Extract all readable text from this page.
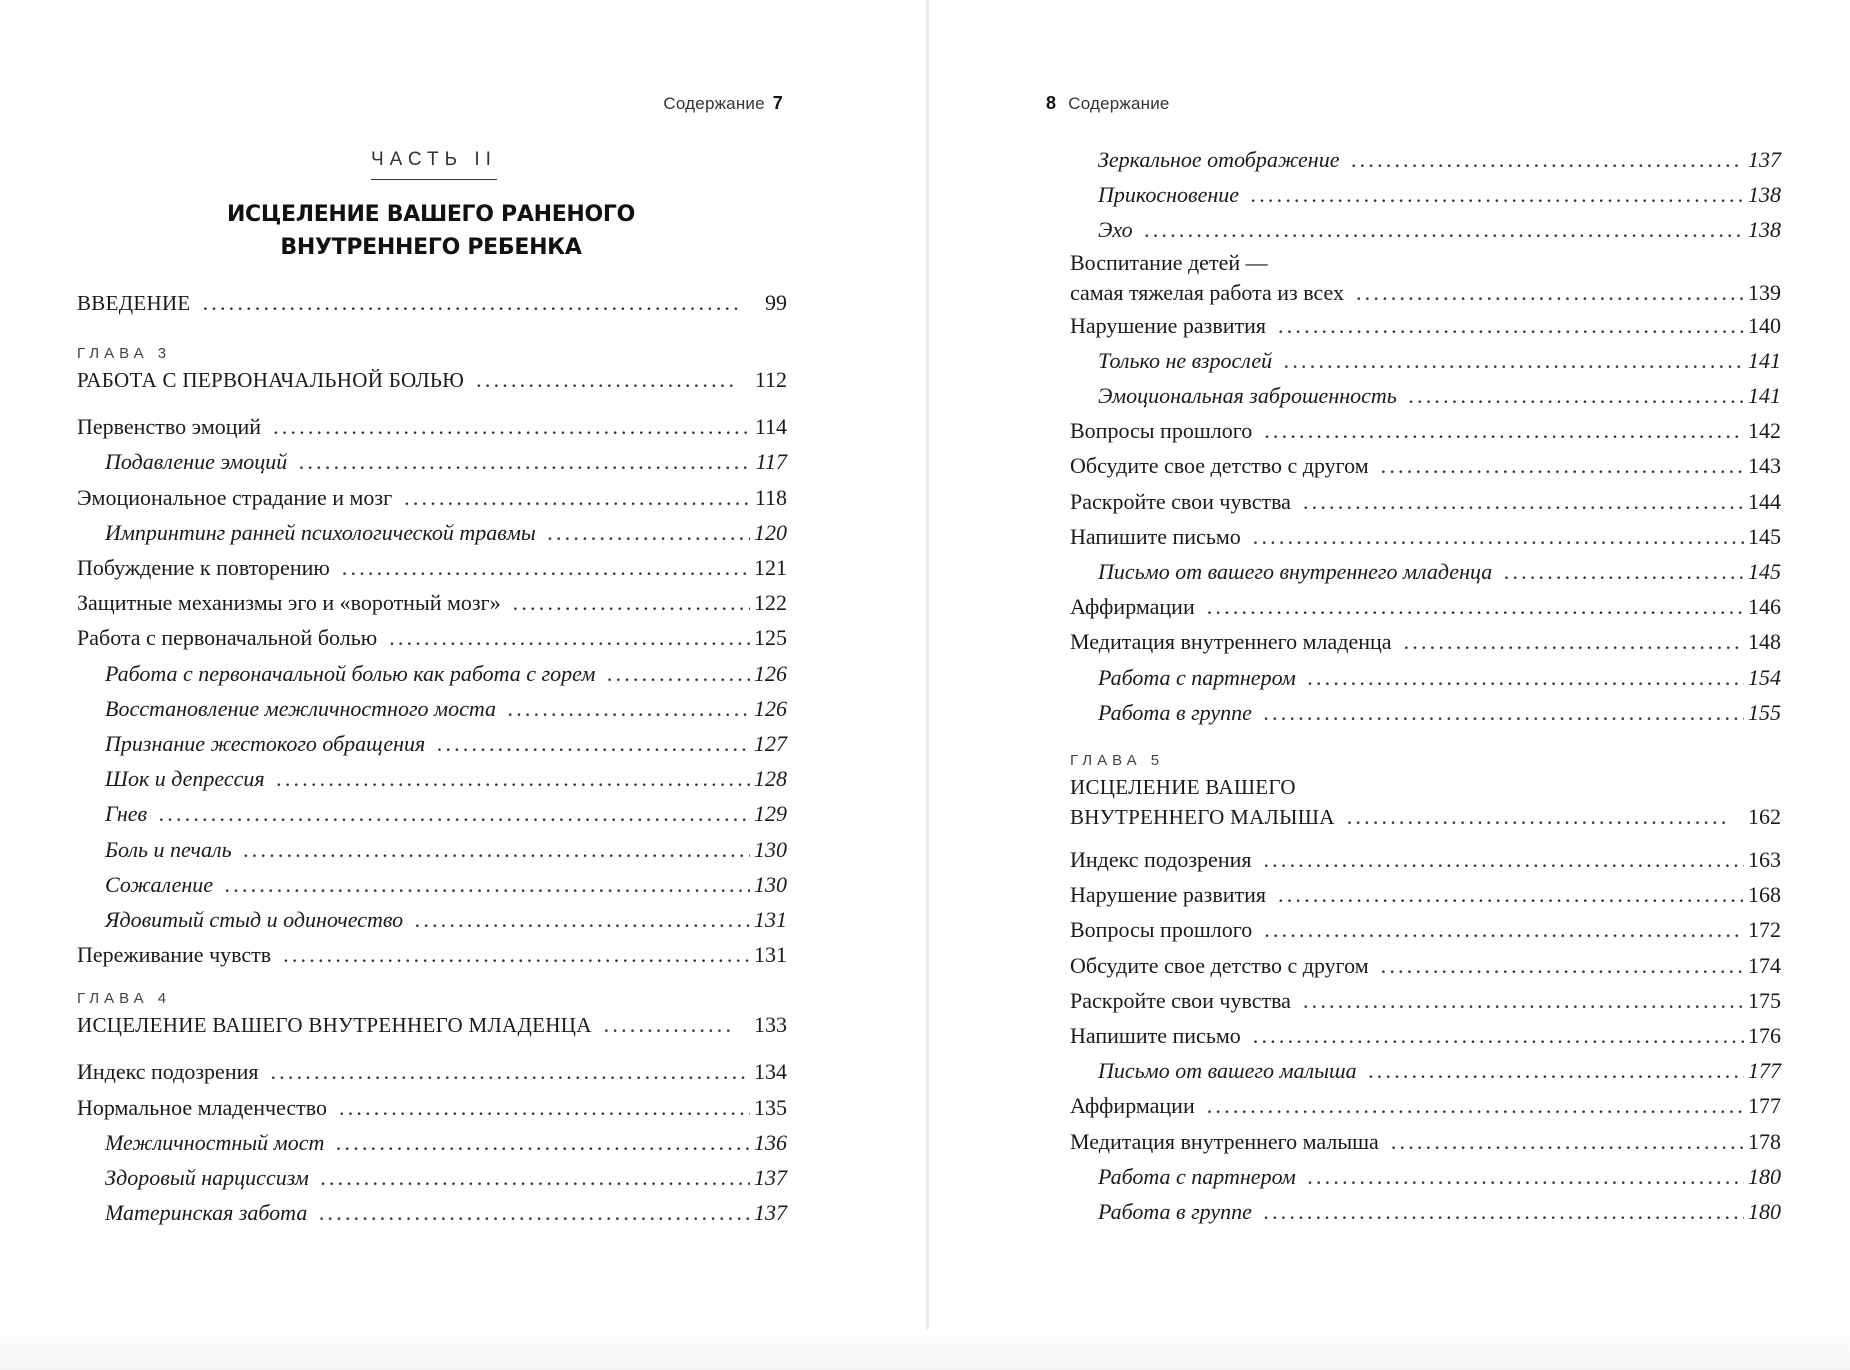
Содержание 7
ЧАСТЬ II
ИСЦЕЛЕНИЕ ВАШЕГО РАНЕНОГО
ВНУТРЕННЕГО РЕБЕНКА
ВВЕДЕНИЕ .....	99
ГЛАВА 3
РАБОТА С ПЕРВОНАЧАЛЬНОЙ БОЛЬЮ .....	112
Первенство эмоций .....	114
Подавление эмоций .....	117
Эмоциональное страдание и мозг .....	118
Импринтинг ранней психологической травмы .....	120
Побуждение к повторению .....	121
Защитные механизмы эго и «воротный мозг» .....	122
Работа с первоначальной болью .....	125
Работа с первоначальной болью как работа с горем .....	126
Восстановление межличностного моста .....	126
Признание жестокого обращения .....	127
Шок и депрессия .....	128
Гнев .....	129
Боль и печаль .....	130
Сожаление .....	130
Ядовитый стыд и одиночество .....	131
Переживание чувств .....	131
ГЛАВА 4
ИСЦЕЛЕНИЕ ВАШЕГО ВНУТРЕННЕГО МЛАДЕНЦА .....	133
Индекс подозрения .....	134
Нормальное младенчество .....	135
Межличностный мост .....	136
Здоровый нарциссизм .....	137
Материнская забота .....	137
8 Содержание
Зеркальное отображение .....	137
Прикосновение .....	138
Эхо .....	138
Воспитание детей —
самая тяжелая работа из всех .....	139
Нарушение развития .....	140
Только не взрослей .....	141
Эмоциональная заброшенность .....	141
Вопросы прошлого .....	142
Обсудите свое детство с другом .....	143
Раскройте свои чувства .....	144
Напишите письмо .....	145
Письмо от вашего внутреннего младенца .....	145
Аффирмации .....	146
Медитация внутреннего младенца .....	148
Работа с партнером .....	154
Работа в группе .....	155
ГЛАВА 5
ИСЦЕЛЕНИЕ ВАШЕГО
ВНУТРЕННЕГО МАЛЫША .....	162
Индекс подозрения .....	163
Нарушение развития .....	168
Вопросы прошлого .....	172
Обсудите свое детство с другом .....	174
Раскройте свои чувства .....	175
Напишите письмо .....	176
Письмо от вашего малыша .....	177
Аффирмации .....	177
Медитация внутреннего малыша .....	178
Работа с партнером .....	180
Работа в группе .....	180
